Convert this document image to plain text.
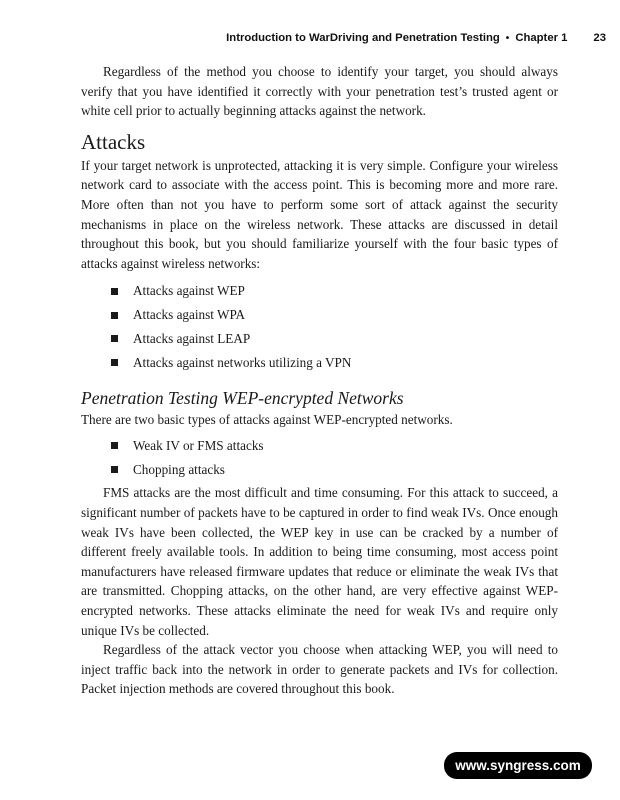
Introduction to WarDriving and Penetration Testing • Chapter 1 23

Regardless of the method you choose to identify your target, you should always verify that you have identified it correctly with your penetration test’s trusted agent or white cell prior to actually beginning attacks against the network.

Attacks

If your target network is unprotected, attacking it is very simple. Configure your wireless network card to associate with the access point. This is becoming more and more rare. More often than not you have to perform some sort of attack against the security mechanisms in place on the wireless network. These attacks are discussed in detail throughout this book, but you should familiarize yourself with the four basic types of attacks against wireless networks:

Attacks against WEP
Attacks against WPA
Attacks against LEAP
Attacks against networks utilizing a VPN
Penetration Testing WEP-encrypted Networks

There are two basic types of attacks against WEP-encrypted networks.

Weak IV or FMS attacks
Chopping attacks

FMS attacks are the most difficult and time consuming. For this attack to succeed, a significant number of packets have to be captured in order to find weak IVs. Once enough weak IVs have been collected, the WEP key in use can be cracked by a number of different freely available tools. In addition to being time consuming, most access point manufacturers have released firmware updates that reduce or eliminate the weak IVs that are transmitted. Chopping attacks, on the other hand, are very effective against WEP-encrypted networks. These attacks eliminate the need for weak IVs and require only unique IVs be collected.

Regardless of the attack vector you choose when attacking WEP, you will need to inject traffic back into the network in order to generate packets and IVs for collection. Packet injection methods are covered throughout this book.

www.syngress.com
